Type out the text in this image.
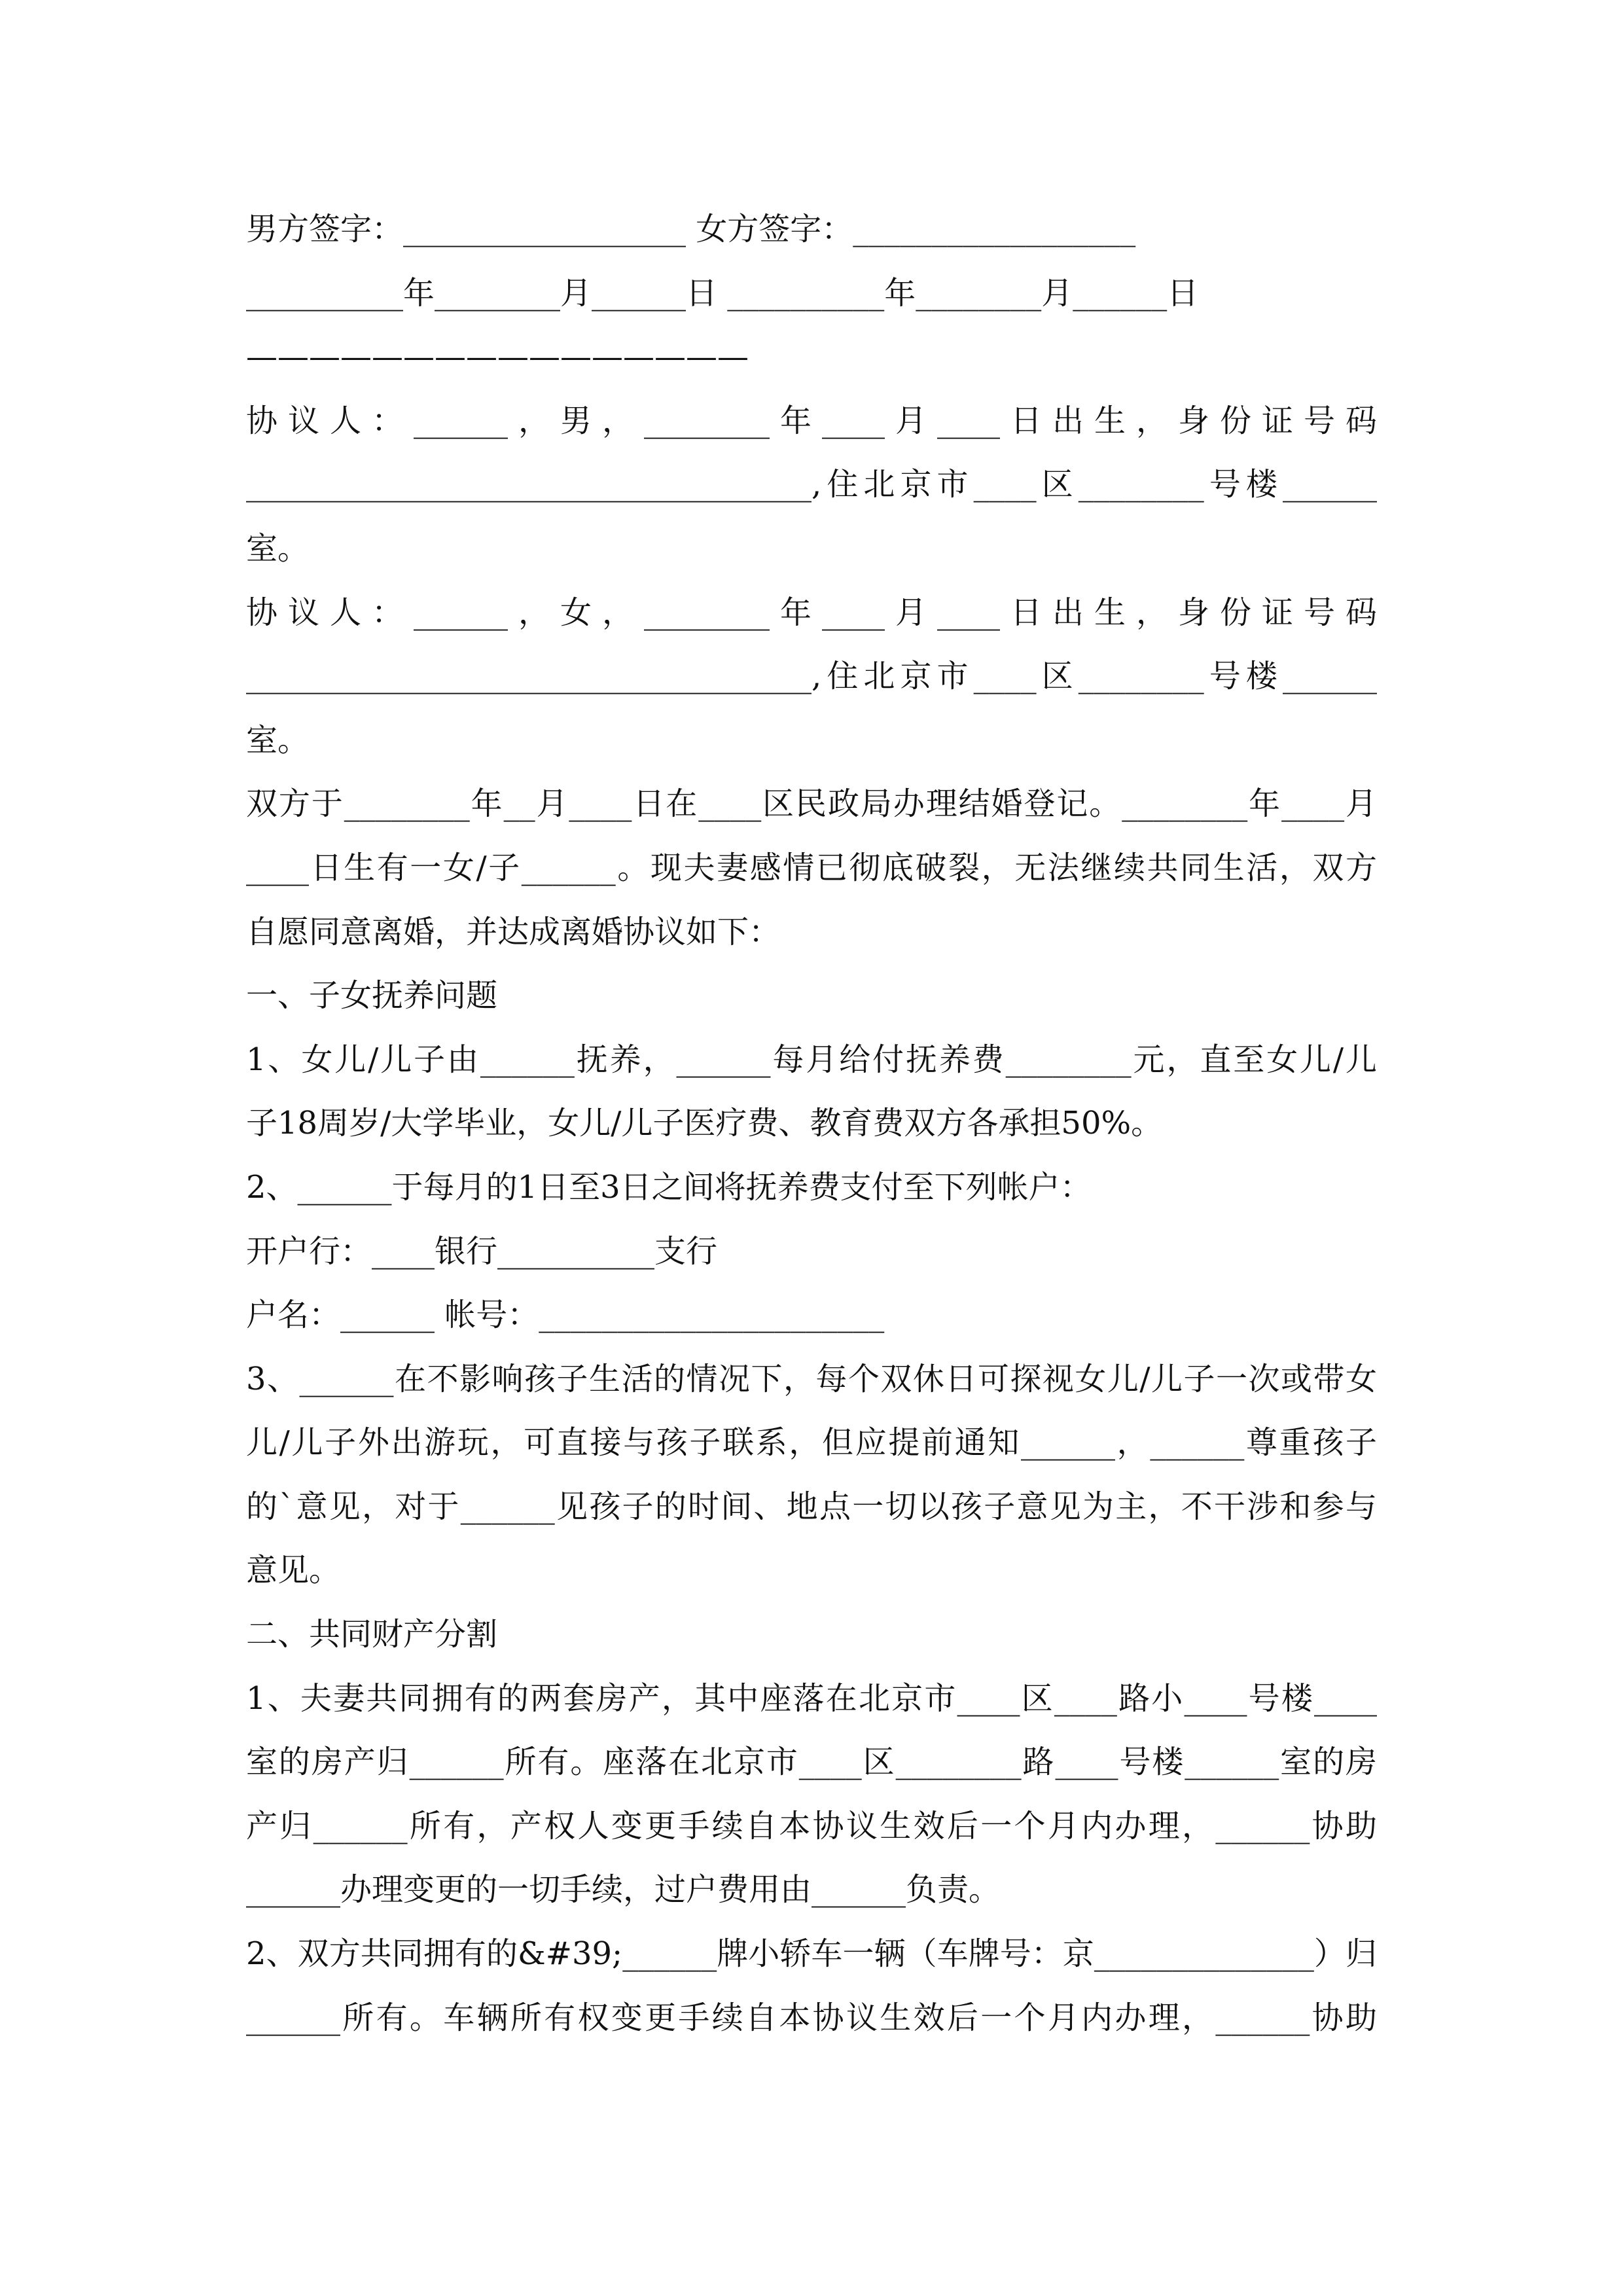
男方签字：__________________ 女方签字：__________________
__________年________月______日 __________年________月______日
————————————————
协议人：______，男，________年____月____日出生，身份证号码
____________________________________,住北京市____区________号楼______
室。
协议人：______，女，________年____月____日出生，身份证号码
____________________________________,住北京市____区________号楼______
室。
双方于________年__月____日在____区民政局办理结婚登记。________年____月
____日生有一女/子______。现夫妻感情已彻底破裂，无法继续共同生活，双方
自愿同意离婚，并达成离婚协议如下：
一、子女抚养问题
1、女儿/儿子由______抚养，______每月给付抚养费________元，直至女儿/儿
子18周岁/大学毕业，女儿/儿子医疗费、教育费双方各承担50%。
2、______于每月的1日至3日之间将抚养费支付至下列帐户：
开户行：____银行__________支行
户名：______ 帐号：______________________
3、______在不影响孩子生活的情况下，每个双休日可探视女儿/儿子一次或带女
儿/儿子外出游玩，可直接与孩子联系，但应提前通知______，______尊重孩子
的`意见，对于______见孩子的时间、地点一切以孩子意见为主，不干涉和参与
意见。
二、共同财产分割
1、夫妻共同拥有的两套房产，其中座落在北京市____区____路小____号楼____
室的房产归______所有。座落在北京市____区________路____号楼______室的房
产归______所有，产权人变更手续自本协议生效后一个月内办理，______协助
______办理变更的一切手续，过户费用由______负责。
2、双方共同拥有的&#39;______牌小轿车一辆（车牌号：京______________）归
______所有。车辆所有权变更手续自本协议生效后一个月内办理，______协助
